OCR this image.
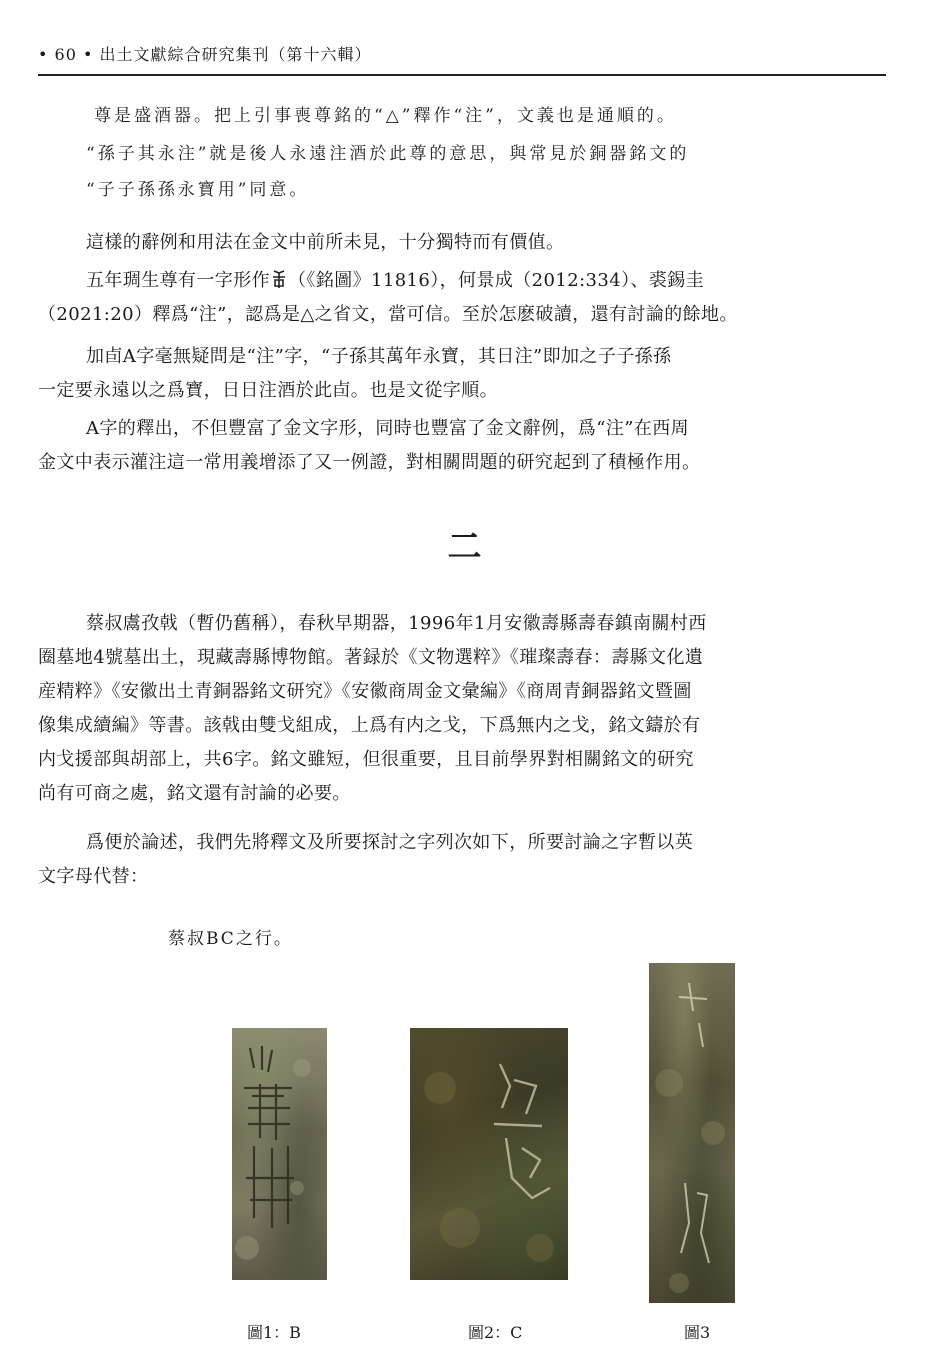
• 60 • 出土文獻綜合研究集刊（第十六輯）
尊是盛酒器。把上引事喪尊銘的“△”釋作“注”，文義也是通順的。
“孫子其永注”就是後人永遠注酒於此尊的意思，與常見於銅器銘文的
“子子孫孫永寶用”同意。
這樣的辭例和用法在金文中前所未見，十分獨特而有價值。
五年琱生尊有一字形作 （《銘圖》11816），何景成（2012:334）、裘錫圭
（2021:20）釋爲“注”，認爲是△之省文，當可信。至於怎麽破讀，還有討論的餘地。
加卣A字毫無疑問是“注”字，“子孫其萬年永寶，其日注”即加之子子孫孫
一定要永遠以之爲寶，日日注酒於此卣。也是文從字順。
A字的釋出，不但豐富了金文字形，同時也豐富了金文辭例，爲“注”在西周
金文中表示灌注這一常用義增添了又一例證，對相關問題的研究起到了積極作用。
二
蔡叔鬳孜戟（暫仍舊稱），春秋早期器，1996年1月安徽壽縣壽春鎮南關村西
圈墓地4號墓出土，現藏壽縣博物館。著録於《文物選粹》《璀璨壽春：壽縣文化遺
産精粹》《安徽出土青銅器銘文研究》《安徽商周金文彙編》《商周青銅器銘文暨圖
像集成續編》等書。該戟由雙戈組成，上爲有内之戈，下爲無内之戈，銘文鑄於有
内戈援部與胡部上，共6字。銘文雖短，但很重要，且目前學界對相關銘文的研究
尚有可商之處，銘文還有討論的必要。
爲便於論述，我們先將釋文及所要探討之字列次如下，所要討論之字暫以英
文字母代替：
蔡叔BC之行。
圖1：B	圖2：C	圖3
